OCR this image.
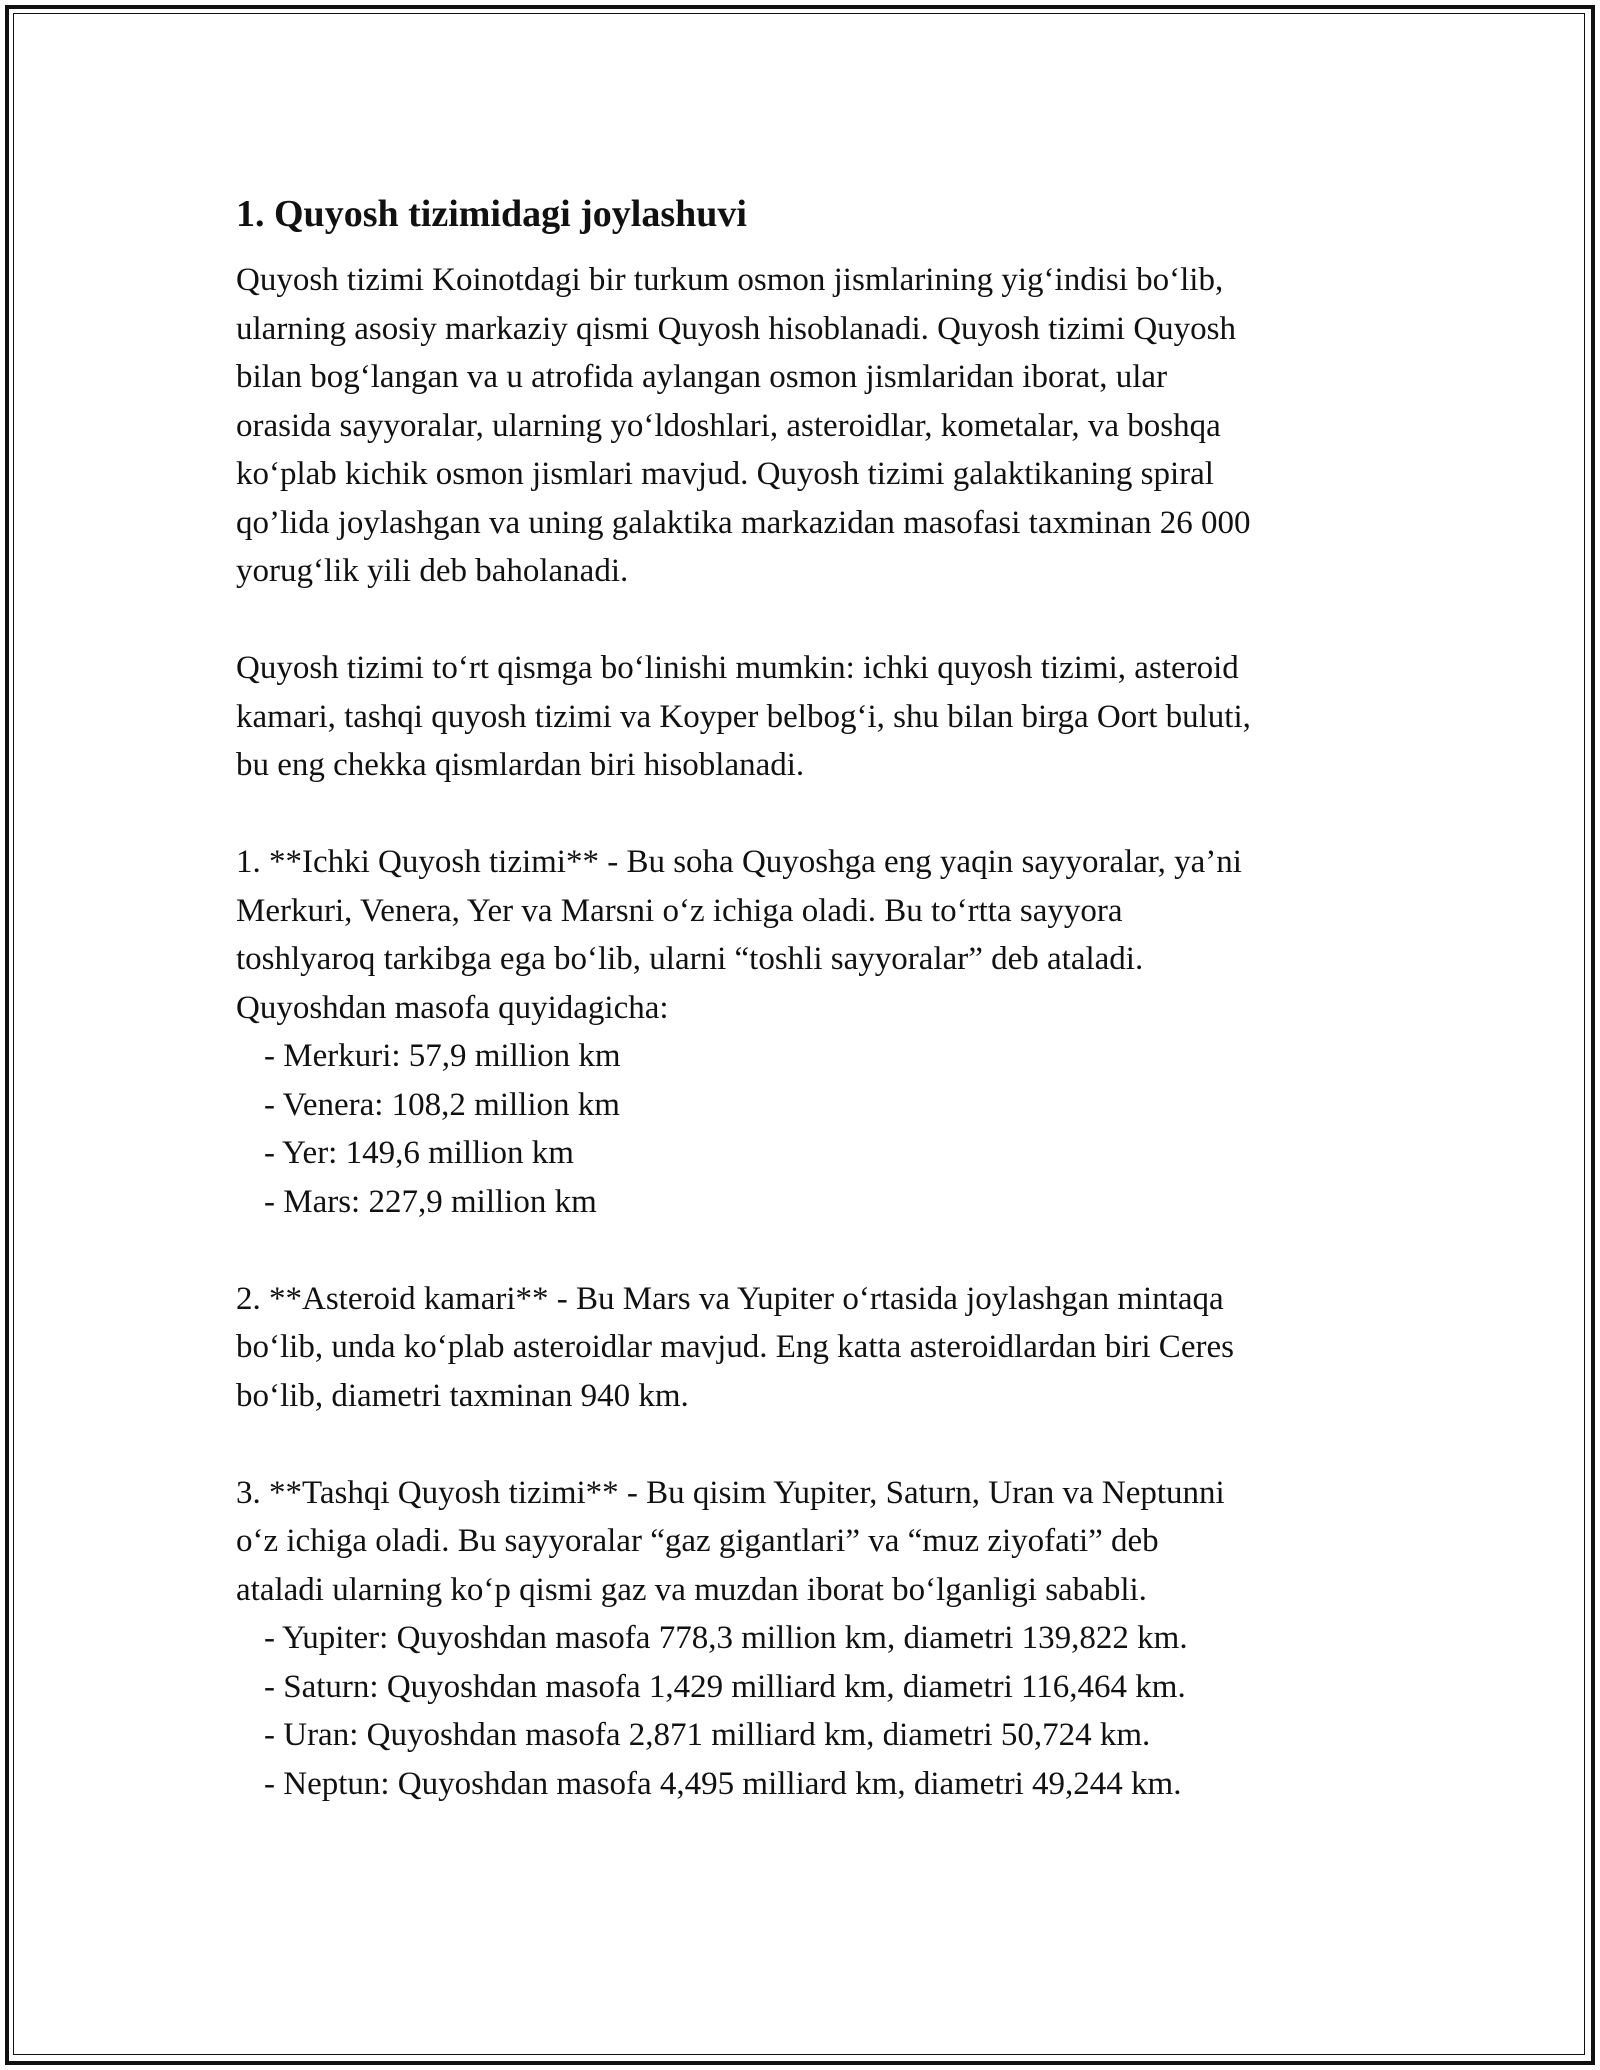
1. Quyosh tizimidagi joylashuvi
Quyosh tizimi Koinotdagi bir turkum osmon jismlarining yig‘indisi bo‘lib,
ularning asosiy markaziy qismi Quyosh hisoblanadi. Quyosh tizimi Quyosh
bilan bog‘langan va u atrofida aylangan osmon jismlaridan iborat, ular
orasida sayyoralar, ularning yo‘ldoshlari, asteroidlar, kometalar, va boshqa
ko‘plab kichik osmon jismlari mavjud. Quyosh tizimi galaktikaning spiral
qo’lida joylashgan va uning galaktika markazidan masofasi taxminan 26 000
yorug‘lik yili deb baholanadi.
Quyosh tizimi to‘rt qismga bo‘linishi mumkin: ichki quyosh tizimi, asteroid
kamari, tashqi quyosh tizimi va Koyper belbog‘i, shu bilan birga Oort buluti,
bu eng chekka qismlardan biri hisoblanadi.
1. **Ichki Quyosh tizimi** - Bu soha Quyoshga eng yaqin sayyoralar, ya’ni
Merkuri, Venera, Yer va Marsni o‘z ichiga oladi. Bu to‘rtta sayyora
toshlyaroq tarkibga ega bo‘lib, ularni “toshli sayyoralar” deb ataladi.
Quyoshdan masofa quyidagicha:
- Merkuri: 57,9 million km
- Venera: 108,2 million km
- Yer: 149,6 million km
- Mars: 227,9 million km
2. **Asteroid kamari** - Bu Mars va Yupiter o‘rtasida joylashgan mintaqa
bo‘lib, unda ko‘plab asteroidlar mavjud. Eng katta asteroidlardan biri Ceres
bo‘lib, diametri taxminan 940 km.
3. **Tashqi Quyosh tizimi** - Bu qisim Yupiter, Saturn, Uran va Neptunni
o‘z ichiga oladi. Bu sayyoralar “gaz gigantlari” va “muz ziyofati” deb
ataladi ularning ko‘p qismi gaz va muzdan iborat bo‘lganligi sababli.
- Yupiter: Quyoshdan masofa 778,3 million km, diametri 139,822 km.
- Saturn: Quyoshdan masofa 1,429 milliard km, diametri 116,464 km.
- Uran: Quyoshdan masofa 2,871 milliard km, diametri 50,724 km.
- Neptun: Quyoshdan masofa 4,495 milliard km, diametri 49,244 km.
